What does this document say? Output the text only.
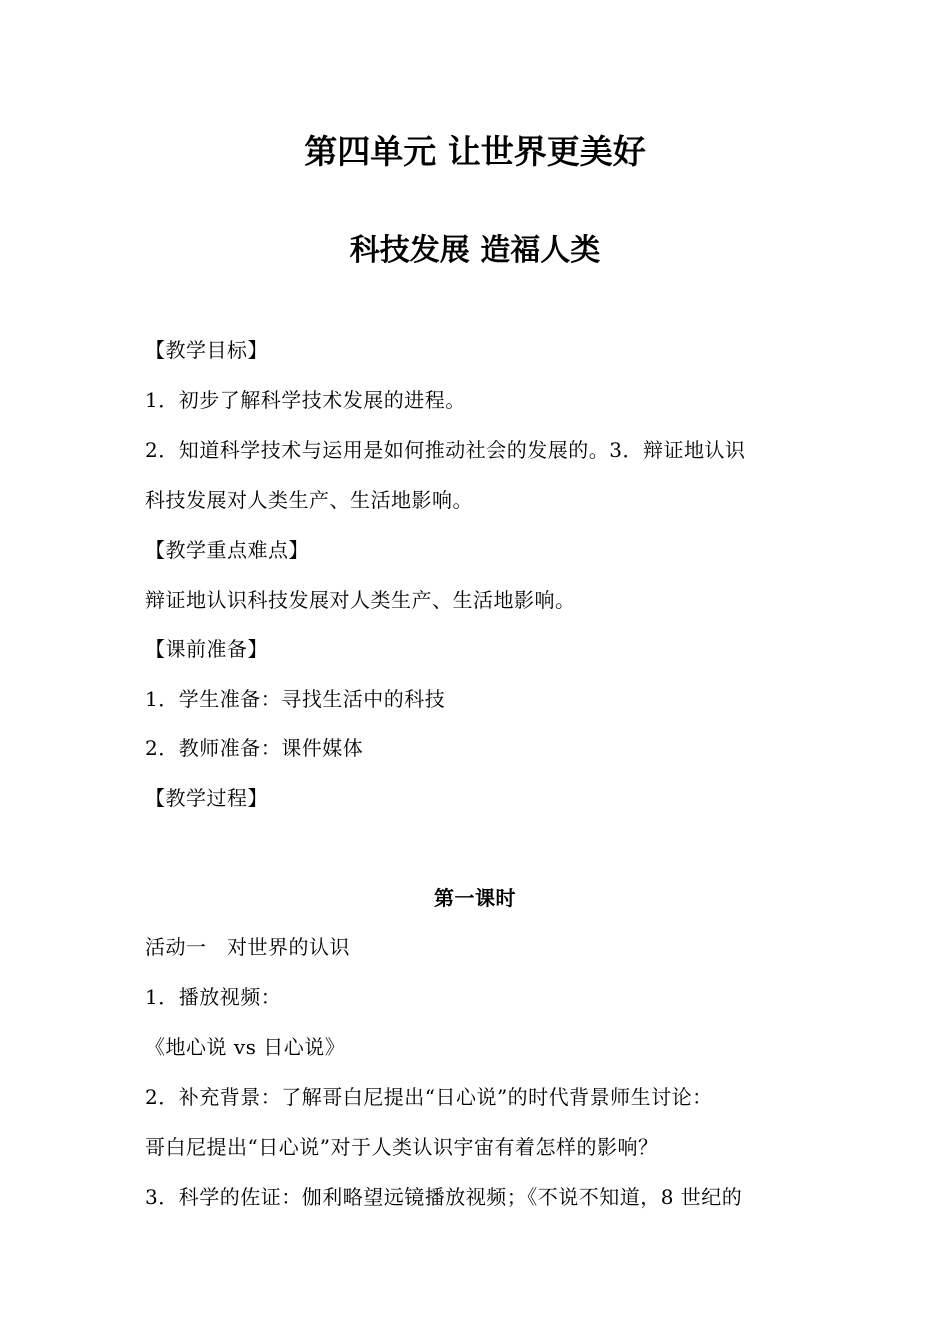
第四单元 让世界更美好
科技发展 造福人类
【教学目标】
1．初步了解科学技术发展的进程。
2．知道科学技术与运用是如何推动社会的发展的。3．辩证地认识
科技发展对人类生产、生活地影响。
【教学重点难点】
辩证地认识科技发展对人类生产、生活地影响。
【课前准备】
1．学生准备：寻找生活中的科技
2．教师准备：课件媒体
【教学过程】
第一课时
活动一　对世界的认识
1．播放视频：
《地心说 vs 日心说》
2．补充背景：了解哥白尼提出“日心说”的时代背景师生讨论：
哥白尼提出“日心说”对于人类认识宇宙有着怎样的影响？
3．科学的佐证：伽利略望远镜播放视频；《不说不知道，8 世纪的
